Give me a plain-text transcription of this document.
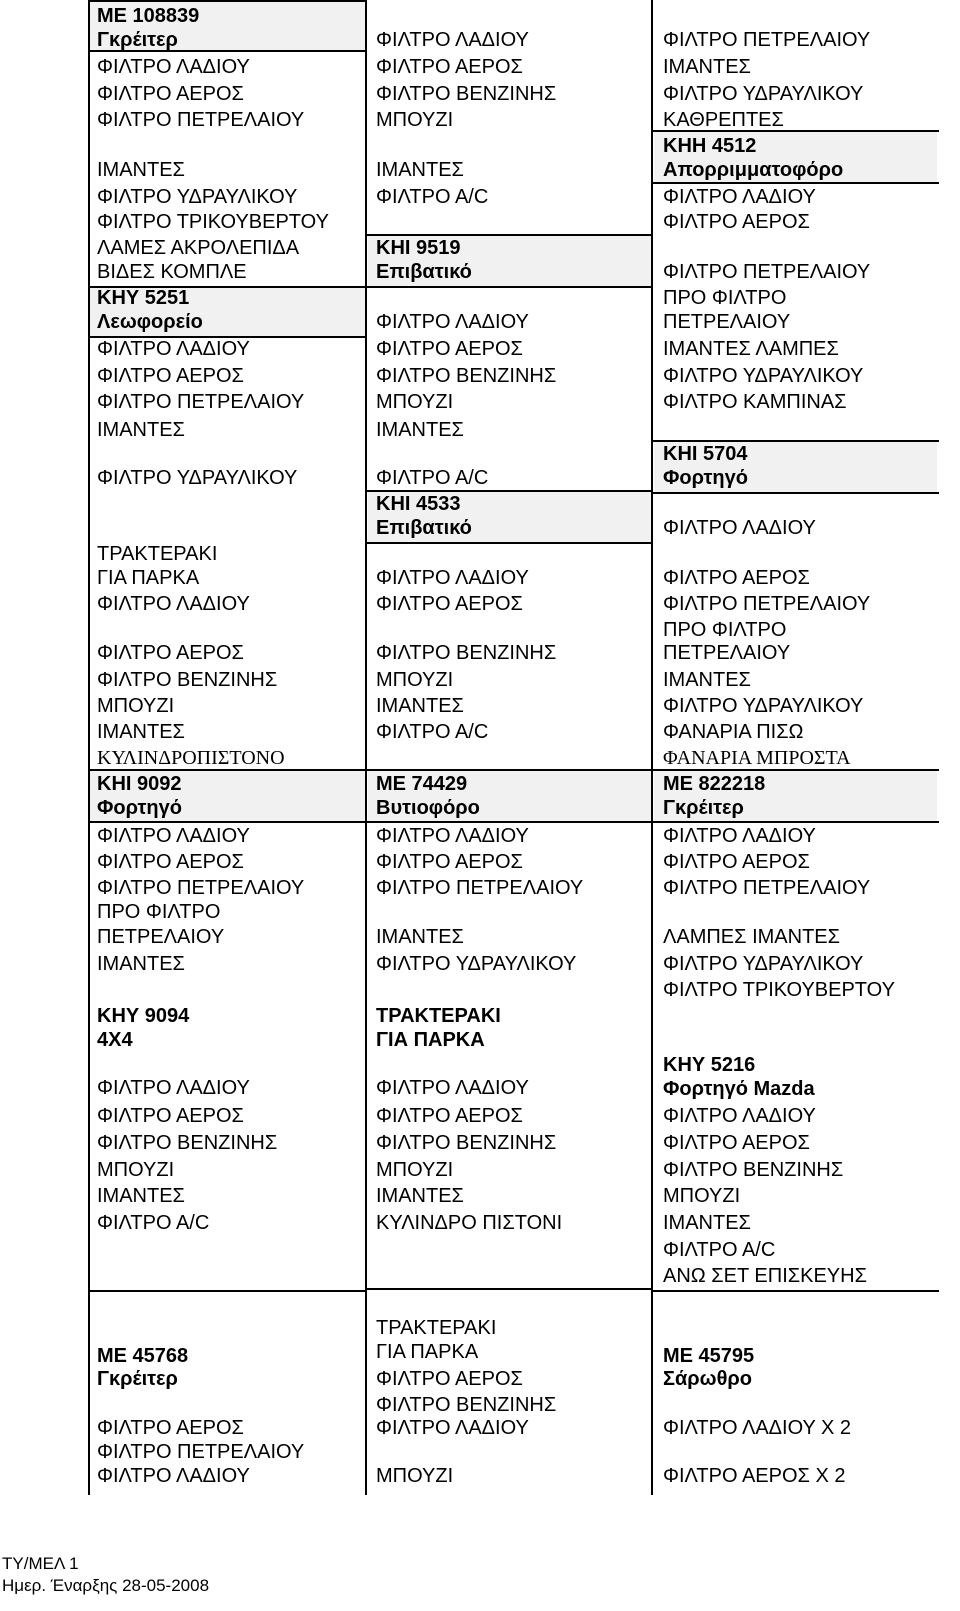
ΜΕ 108839
Γκρέιτερ
ΦΙΛΤΡΟ ΛΑΔΙΟΥ
ΦΙΛΤΡΟ ΑΕΡΟΣ
ΦΙΛΤΡΟ ΠΕΤΡΕΛΑΙΟΥ
ΙΜΑΝΤΕΣ
ΦΙΛΤΡΟ ΥΔΡΑΥΛΙΚΟΥ
ΦΙΛΤΡΟ ΤΡΙΚΟΥΒΕΡΤΟΥ
ΛΑΜΕΣ ΑΚΡΟΛΕΠΙΔΑ
ΒΙΔΕΣ ΚΟΜΠΛΕ
ΚΗΥ 5251
Λεωφορείο
ΦΙΛΤΡΟ ΛΑΔΙΟΥ
ΦΙΛΤΡΟ ΑΕΡΟΣ
ΦΙΛΤΡΟ ΠΕΤΡΕΛΑΙΟΥ
ΙΜΑΝΤΕΣ
ΦΙΛΤΡΟ ΥΔΡΑΥΛΙΚΟΥ
ΤΡΑΚΤΕΡΑΚΙ
ΓΙΑ ΠΑΡΚΑ
ΦΙΛΤΡΟ ΛΑΔΙΟΥ
ΦΙΛΤΡΟ ΑΕΡΟΣ
ΦΙΛΤΡΟ ΒΕΝΖΙΝΗΣ
ΜΠΟΥΖΙ
ΙΜΑΝΤΕΣ
ΚΥΛΙΝΔΡΟΠΙΣΤΟΝΟ
ΚΗΙ 9092
Φορτηγό
ΦΙΛΤΡΟ ΛΑΔΙΟΥ
ΦΙΛΤΡΟ ΑΕΡΟΣ
ΦΙΛΤΡΟ ΠΕΤΡΕΛΑΙΟΥ
ΠΡΟ ΦΙΛΤΡΟ
ΠΕΤΡΕΛΑΙΟΥ
ΙΜΑΝΤΕΣ
ΚΗΥ 9094
4Χ4
ΦΙΛΤΡΟ ΛΑΔΙΟΥ
ΦΙΛΤΡΟ ΑΕΡΟΣ
ΦΙΛΤΡΟ ΒΕΝΖΙΝΗΣ
ΜΠΟΥΖΙ
ΙΜΑΝΤΕΣ
ΦΙΛΤΡΟ Α/C
ΜΕ 45768
Γκρέιτερ
ΦΙΛΤΡΟ ΑΕΡΟΣ
ΦΙΛΤΡΟ ΠΕΤΡΕΛΑΙΟΥ
ΦΙΛΤΡΟ ΛΑΔΙΟΥ
ΦΙΛΤΡΟ ΛΑΔΙΟΥ
ΦΙΛΤΡΟ ΑΕΡΟΣ
ΦΙΛΤΡΟ ΒΕΝΖΙΝΗΣ
ΜΠΟΥΖΙ
ΙΜΑΝΤΕΣ
ΦΙΛΤΡΟ Α/C
ΚΗΙ 9519
Επιβατικό
ΦΙΛΤΡΟ ΛΑΔΙΟΥ
ΦΙΛΤΡΟ ΑΕΡΟΣ
ΦΙΛΤΡΟ ΒΕΝΖΙΝΗΣ
ΜΠΟΥΖΙ
ΙΜΑΝΤΕΣ
ΦΙΛΤΡΟ Α/C
ΚΗΙ 4533
Επιβατικό
ΦΙΛΤΡΟ ΛΑΔΙΟΥ
ΦΙΛΤΡΟ ΑΕΡΟΣ
ΦΙΛΤΡΟ ΒΕΝΖΙΝΗΣ
ΜΠΟΥΖΙ
ΙΜΑΝΤΕΣ
ΦΙΛΤΡΟ Α/C
ΜΕ 74429
Βυτιοφόρο
ΦΙΛΤΡΟ ΛΑΔΙΟΥ
ΦΙΛΤΡΟ ΑΕΡΟΣ
ΦΙΛΤΡΟ ΠΕΤΡΕΛΑΙΟΥ
ΙΜΑΝΤΕΣ
ΦΙΛΤΡΟ ΥΔΡΑΥΛΙΚΟΥ
ΤΡΑΚΤΕΡΑΚΙ
ΓΙΑ ΠΑΡΚΑ
ΦΙΛΤΡΟ ΛΑΔΙΟΥ
ΦΙΛΤΡΟ ΑΕΡΟΣ
ΦΙΛΤΡΟ ΒΕΝΖΙΝΗΣ
ΜΠΟΥΖΙ
ΙΜΑΝΤΕΣ
ΚΥΛΙΝΔΡΟ ΠΙΣΤΟΝΙ
ΤΡΑΚΤΕΡΑΚΙ
ΓΙΑ ΠΑΡΚΑ
ΦΙΛΤΡΟ ΑΕΡΟΣ
ΦΙΛΤΡΟ ΒΕΝΖΙΝΗΣ
ΦΙΛΤΡΟ ΛΑΔΙΟΥ
ΜΠΟΥΖΙ
ΦΙΛΤΡΟ ΠΕΤΡΕΛΑΙΟΥ
ΙΜΑΝΤΕΣ
ΦΙΛΤΡΟ ΥΔΡΑΥΛΙΚΟΥ
ΚΑΘΡΕΠΤΕΣ
ΚΗΗ 4512
Απορριμματοφόρο
ΦΙΛΤΡΟ ΛΑΔΙΟΥ
ΦΙΛΤΡΟ ΑΕΡΟΣ
ΦΙΛΤΡΟ ΠΕΤΡΕΛΑΙΟΥ
ΠΡΟ ΦΙΛΤΡΟ
ΠΕΤΡΕΛΑΙΟΥ
ΙΜΑΝΤΕΣ ΛΑΜΠΕΣ
ΦΙΛΤΡΟ ΥΔΡΑΥΛΙΚΟΥ
ΦΙΛΤΡΟ ΚΑΜΠΙΝΑΣ
ΚΗΙ 5704
Φορτηγό
ΦΙΛΤΡΟ ΛΑΔΙΟΥ
ΦΙΛΤΡΟ ΑΕΡΟΣ
ΦΙΛΤΡΟ ΠΕΤΡΕΛΑΙΟΥ
ΠΡΟ ΦΙΛΤΡΟ
ΠΕΤΡΕΛΑΙΟΥ
ΙΜΑΝΤΕΣ
ΦΙΛΤΡΟ ΥΔΡΑΥΛΙΚΟΥ
ΦΑΝΑΡΙΑ ΠΙΣΩ
ΦΑΝΑΡΙΑ ΜΠΡΟΣΤΑ
ΜΕ 822218
Γκρέιτερ
ΦΙΛΤΡΟ ΛΑΔΙΟΥ
ΦΙΛΤΡΟ ΑΕΡΟΣ
ΦΙΛΤΡΟ ΠΕΤΡΕΛΑΙΟΥ
ΛΑΜΠΕΣ ΙΜΑΝΤΕΣ
ΦΙΛΤΡΟ ΥΔΡΑΥΛΙΚΟΥ
ΦΙΛΤΡΟ ΤΡΙΚΟΥΒΕΡΤΟΥ
ΚΗΥ 5216
Φορτηγό Mazda
ΦΙΛΤΡΟ ΛΑΔΙΟΥ
ΦΙΛΤΡΟ ΑΕΡΟΣ
ΦΙΛΤΡΟ ΒΕΝΖΙΝΗΣ
ΜΠΟΥΖΙ
ΙΜΑΝΤΕΣ
ΦΙΛΤΡΟ Α/C
ΑΝΩ ΣΕΤ ΕΠΙΣΚΕΥΗΣ
ΜΕ 45795
Σάρωθρο
ΦΙΛΤΡΟ ΛΑΔΙΟΥ Χ 2
ΦΙΛΤΡΟ ΑΕΡΟΣ Χ 2
ΤΥ/ΜΕΛ 1
Ημερ. Έναρξης 28-05-2008
